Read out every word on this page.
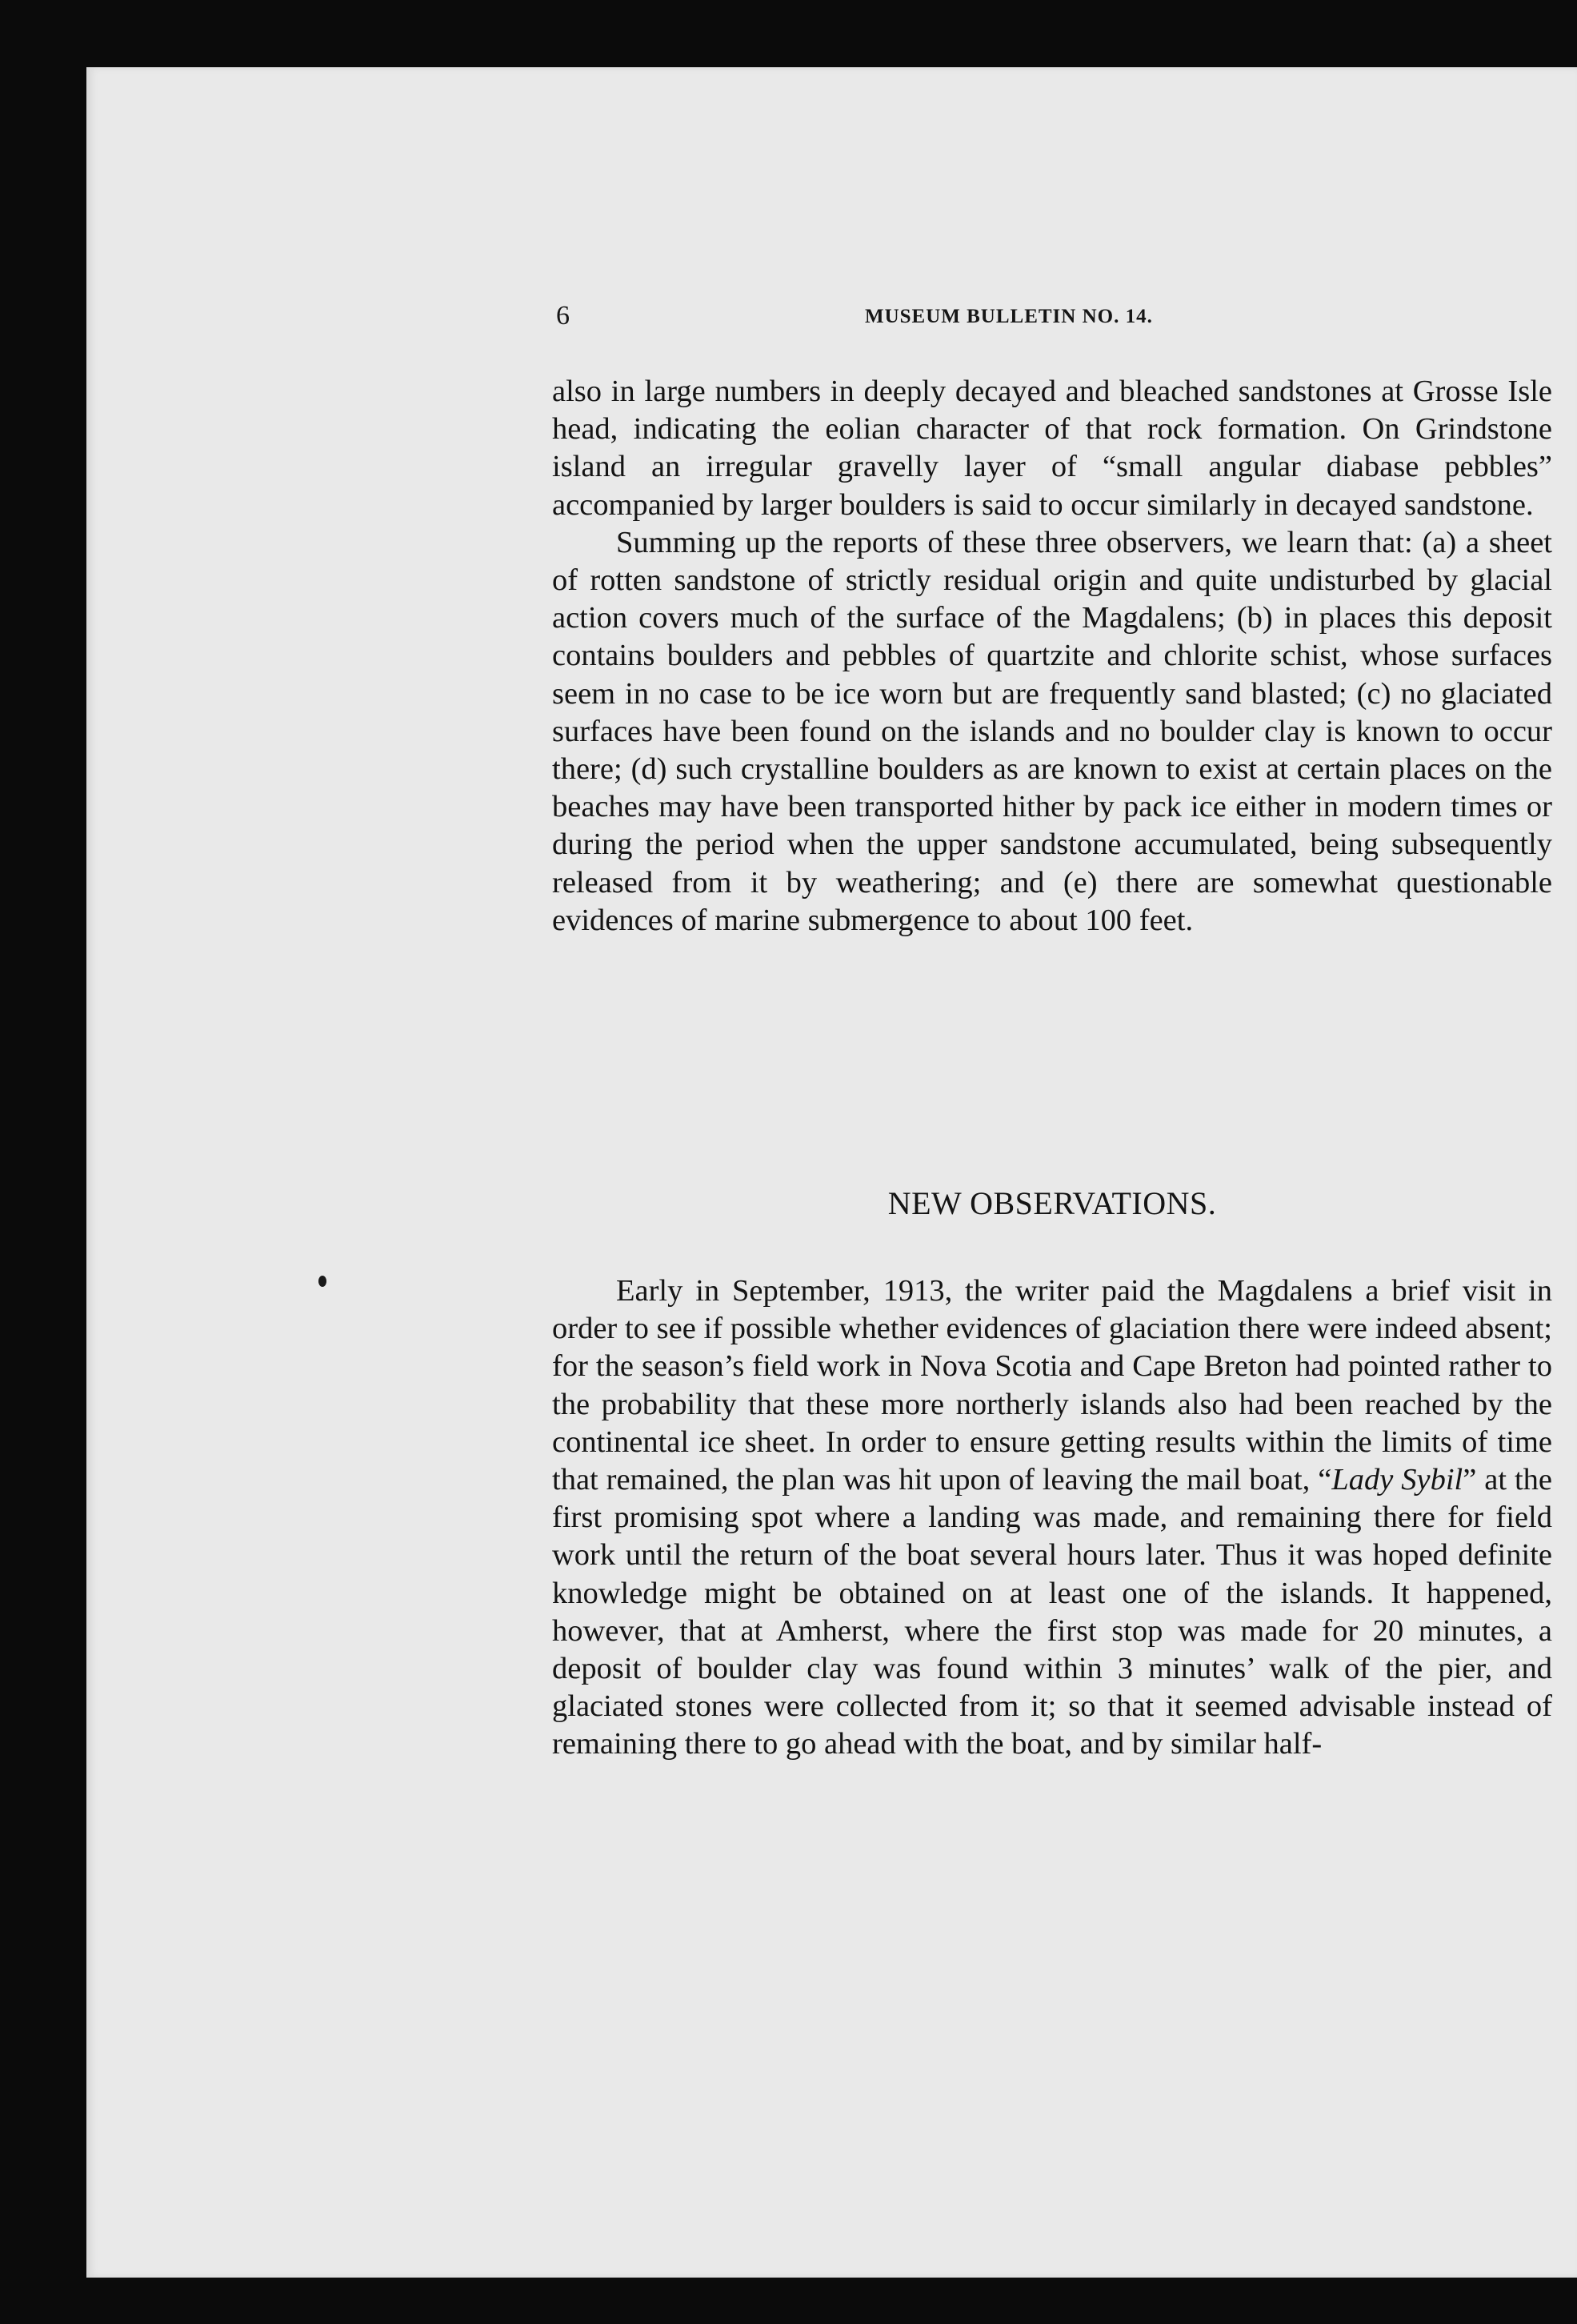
6	MUSEUM BULLETIN NO. 14.

also in large numbers in deeply decayed and bleached sandstones at Grosse Isle head, indicating the eolian character of that rock formation. On Grindstone island an irregular gravelly layer of “small angular diabase pebbles” accompanied by larger boulders is said to occur similarly in decayed sandstone.

Summing up the reports of these three observers, we learn that: (a) a sheet of rotten sandstone of strictly residual origin and quite undisturbed by glacial action covers much of the surface of the Magdalens; (b) in places this deposit contains boulders and pebbles of quartzite and chlorite schist, whose surfaces seem in no case to be ice worn but are frequently sand blasted; (c) no glaciated surfaces have been found on the islands and no boulder clay is known to occur there; (d) such crystalline boulders as are known to exist at certain places on the beaches may have been transported hither by pack ice either in modern times or during the period when the upper sandstone accumulated, being subsequently released from it by weathering; and (e) there are somewhat questionable evidences of marine submergence to about 100 feet.

NEW OBSERVATIONS.

Early in September, 1913, the writer paid the Magdalens a brief visit in order to see if possible whether evidences of glaciation there were indeed absent; for the season’s field work in Nova Scotia and Cape Breton had pointed rather to the probability that these more northerly islands also had been reached by the continental ice sheet. In order to ensure getting results within the limits of time that remained, the plan was hit upon of leaving the mail boat, “Lady Sybil” at the first promising spot where a landing was made, and remaining there for field work until the return of the boat several hours later. Thus it was hoped definite knowledge might be obtained on at least one of the islands. It happened, however, that at Amherst, where the first stop was made for 20 minutes, a deposit of boulder clay was found within 3 minutes’ walk of the pier, and glaciated stones were collected from it; so that it seemed advisable instead of remaining there to go ahead with the boat, and by similar half-
